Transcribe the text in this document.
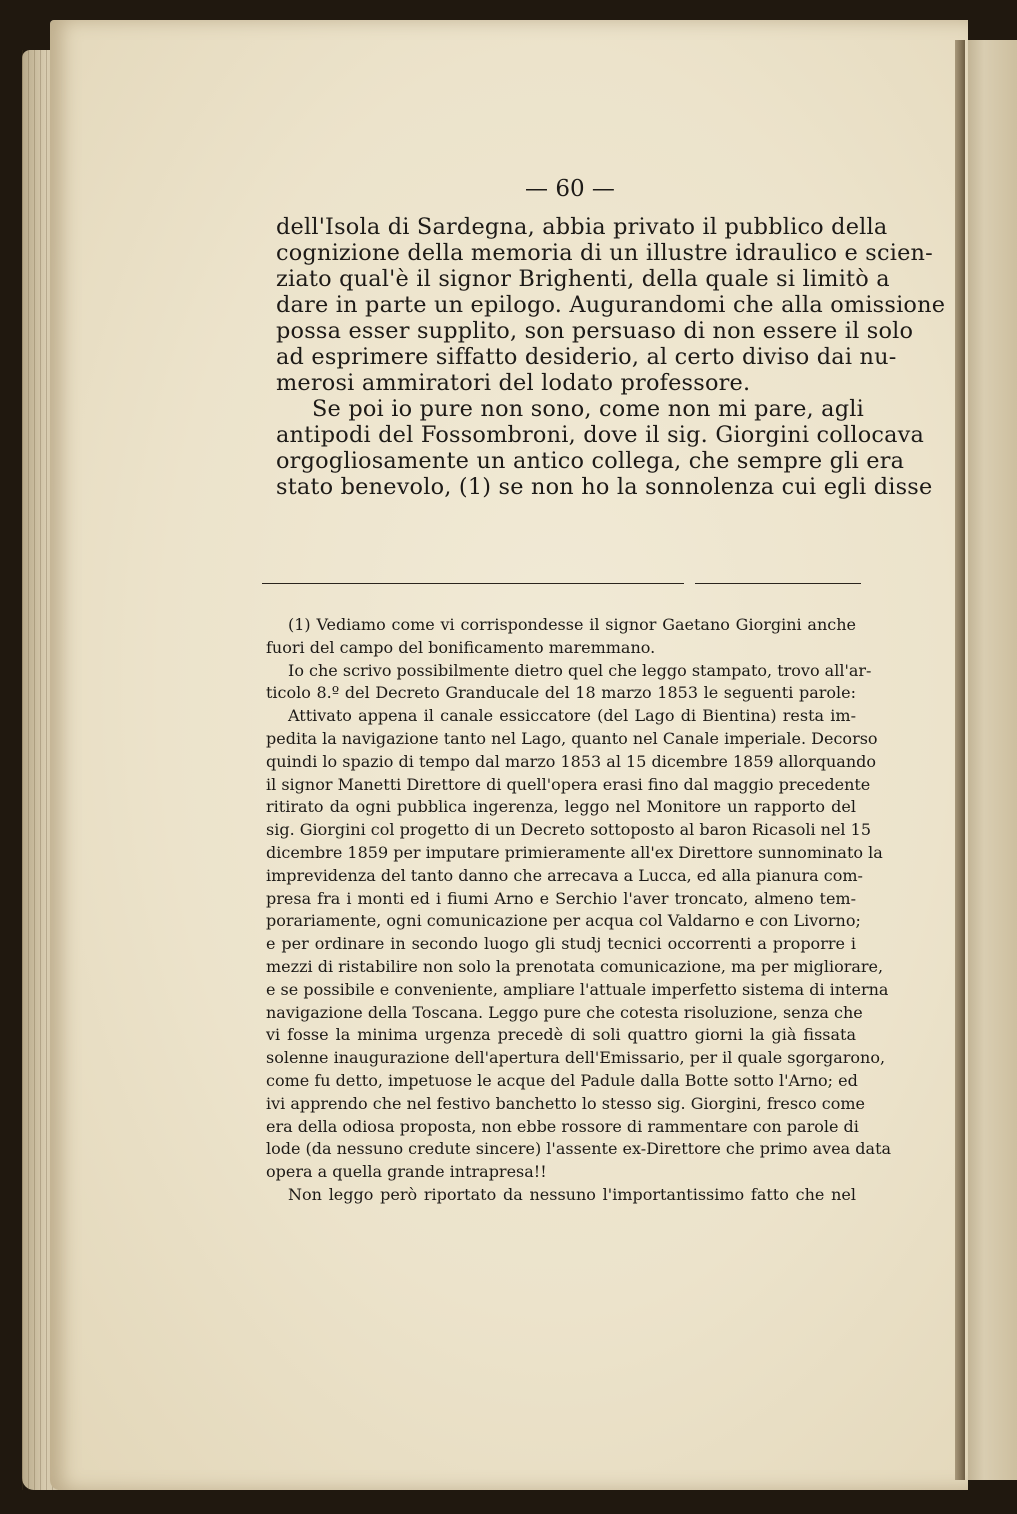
— 60 —
dell'Isola di Sardegna, abbia privato il pubblico della
cognizione della memoria di un illustre idraulico e scien-
ziato qual'è il signor Brighenti, della quale si limitò a
dare in parte un epilogo. Augurandomi che alla omissione
possa esser supplito, son persuaso di non essere il solo
ad esprimere siffatto desiderio, al certo diviso dai nu-
merosi ammiratori del lodato professore.
Se poi io pure non sono, come non mi pare, agli
antipodi del Fossombroni, dove il sig. Giorgini collocava
orgogliosamente un antico collega, che sempre gli era
stato benevolo, (1) se non ho la sonnolenza cui egli disse
(1) Vediamo come vi corrispondesse il signor Gaetano Giorgini anche
fuori del campo del bonificamento maremmano.
Io che scrivo possibilmente dietro quel che leggo stampato, trovo all'ar-
ticolo 8.º del Decreto Granducale del 18 marzo 1853 le seguenti parole:
Attivato appena il canale essiccatore (del Lago di Bientina) resta im-
pedita la navigazione tanto nel Lago, quanto nel Canale imperiale. Decorso
quindi lo spazio di tempo dal marzo 1853 al 15 dicembre 1859 allorquando
il signor Manetti Direttore di quell'opera erasi fino dal maggio precedente
ritirato da ogni pubblica ingerenza, leggo nel Monitore un rapporto del
sig. Giorgini col progetto di un Decreto sottoposto al baron Ricasoli nel 15
dicembre 1859 per imputare primieramente all'ex Direttore sunnominato la
imprevidenza del tanto danno che arrecava a Lucca, ed alla pianura com-
presa fra i monti ed i fiumi Arno e Serchio l'aver troncato, almeno tem-
porariamente, ogni comunicazione per acqua col Valdarno e con Livorno;
e per ordinare in secondo luogo gli studj tecnici occorrenti a proporre i
mezzi di ristabilire non solo la prenotata comunicazione, ma per migliorare,
e se possibile e conveniente, ampliare l'attuale imperfetto sistema di interna
navigazione della Toscana. Leggo pure che cotesta risoluzione, senza che
vi fosse la minima urgenza precedè di soli quattro giorni la già fissata
solenne inaugurazione dell'apertura dell'Emissario, per il quale sgorgarono,
come fu detto, impetuose le acque del Padule dalla Botte sotto l'Arno; ed
ivi apprendo che nel festivo banchetto lo stesso sig. Giorgini, fresco come
era della odiosa proposta, non ebbe rossore di rammentare con parole di
lode (da nessuno credute sincere) l'assente ex-Direttore che primo avea data
opera a quella grande intrapresa!!
Non leggo però riportato da nessuno l'importantissimo fatto che nel
